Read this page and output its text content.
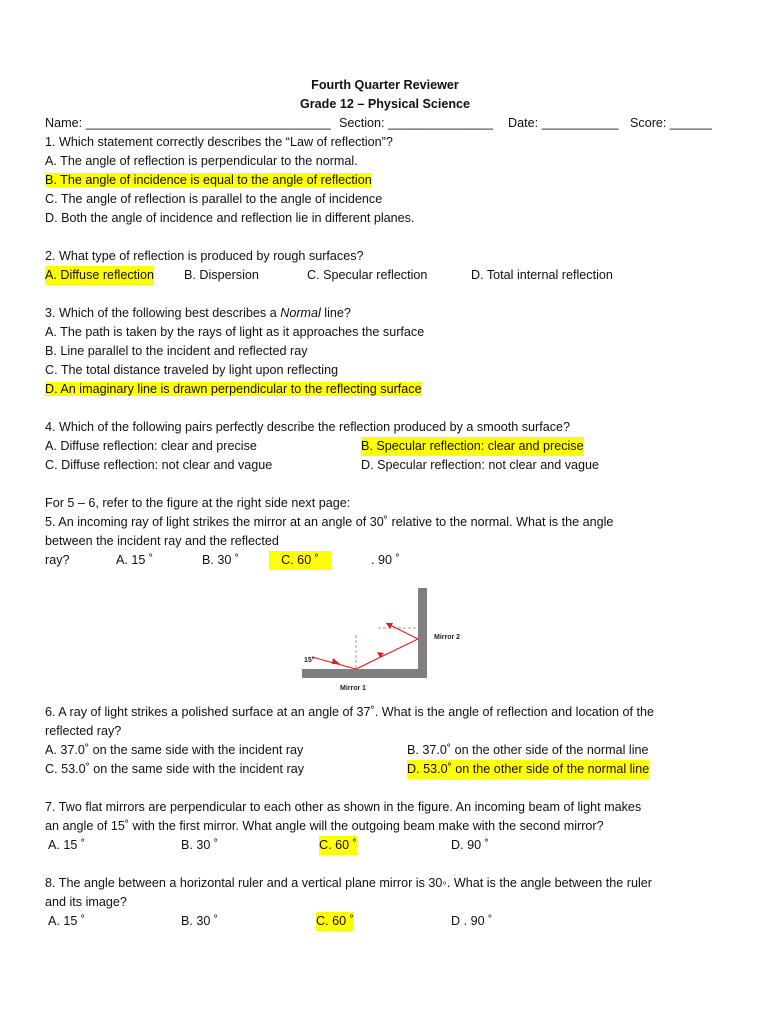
Fourth Quarter Reviewer
Grade 12 – Physical Science
Name: ___________________________________ Section: _______________ Date: ___________ Score: ______
1. Which statement correctly describes the “Law of reflection”?
A. The angle of reflection is perpendicular to the normal.
B. The angle of incidence is equal to the angle of reflection
C. The angle of reflection is parallel to the angle of incidence
D. Both the angle of incidence and reflection lie in different planes.
2. What type of reflection is produced by rough surfaces?
A. Diffuse reflection B. Dispersion	C. Specular reflection	D. Total internal reflection
3. Which of the following best describes a Normal line?
A. The path is taken by the rays of light as it approaches the surface
B. Line parallel to the incident and reflected ray
C. The total distance traveled by light upon reflecting
D. An imaginary line is drawn perpendicular to the reflecting surface
4. Which of the following pairs perfectly describe the reflection produced by a smooth surface?
A. Diffuse reflection: clear and precise	B. Specular reflection: clear and precise
C. Diffuse reflection: not clear and vague	D. Specular reflection: not clear and vague
For 5 – 6, refer to the figure at the right side next page:
5. An incoming ray of light strikes the mirror at an angle of 30˚ relative to the normal. What is the angle
between the incident ray and the reflected
ray?	A. 15 ˚	B. 30 ˚	C. 60 ˚	. 90 ˚
6. A ray of light strikes a polished surface at an angle of 37˚. What is the angle of reflection and location of the
reflected ray?
A. 37.0˚ on the same side with the incident ray	B. 37.0˚ on the other side of the normal line
C. 53.0˚ on the same side with the incident ray	D. 53.0˚ on the other side of the normal line
7. Two flat mirrors are perpendicular to each other as shown in the figure. An incoming beam of light makes
an angle of 15˚ with the first mirror. What angle will the outgoing beam make with the second mirror?
A. 15 ˚	B. 30 ˚	C. 60 ˚	D. 90 ˚
8. The angle between a horizontal ruler and a vertical plane mirror is 30◦. What is the angle between the ruler
and its image?
A. 15 ˚	B. 30 ˚	C. 60 ˚	D . 90 ˚
15°
Mirror 1
Mirror 2
